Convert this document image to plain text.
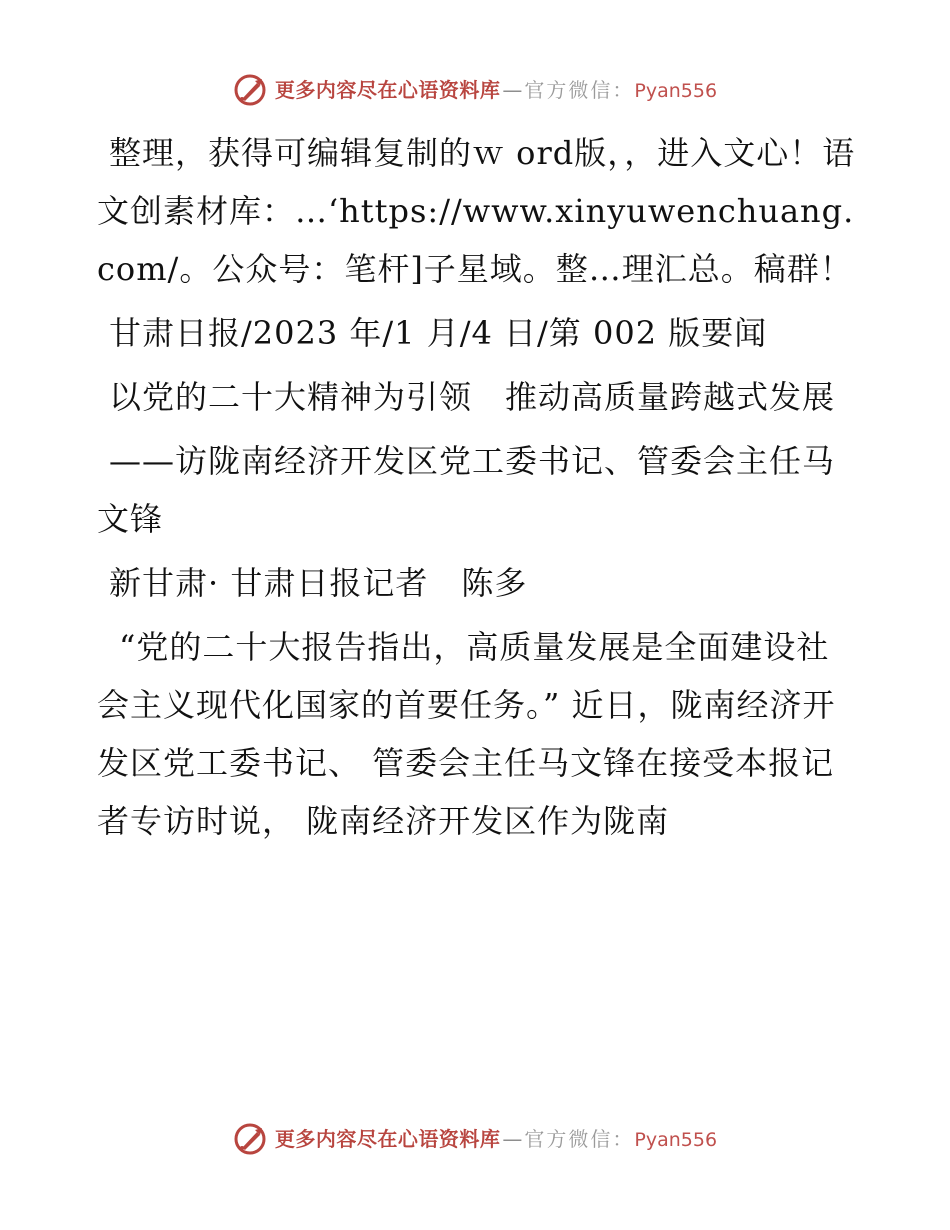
更多内容尽在心语资料库 — 官方微信： Pyan556

整理，获得可编辑复制的ｗ ord版，，进入文心！语文创素材库：…‘https://www.xinyuwenchuang.com/。公众号：笔杆]子星域。整…理汇总。稿群！

甘肃日报/2023 年/1 月/4 日/第 002 版要闻

以党的二十大精神为引领　推动高质量跨越式发展

——访陇南经济开发区党工委书记、管委会主任马文锋

新甘肃· 甘肃日报记者　陈多

“党的二十大报告指出，高质量发展是全面建设社会主义现代化国家的首要任务。” 近日，陇南经济开发区党工委书记、 管委会主任马文锋在接受本报记者专访时说， 陇南经济开发区作为陇南

更多内容尽在心语资料库 — 官方微信： Pyan556
